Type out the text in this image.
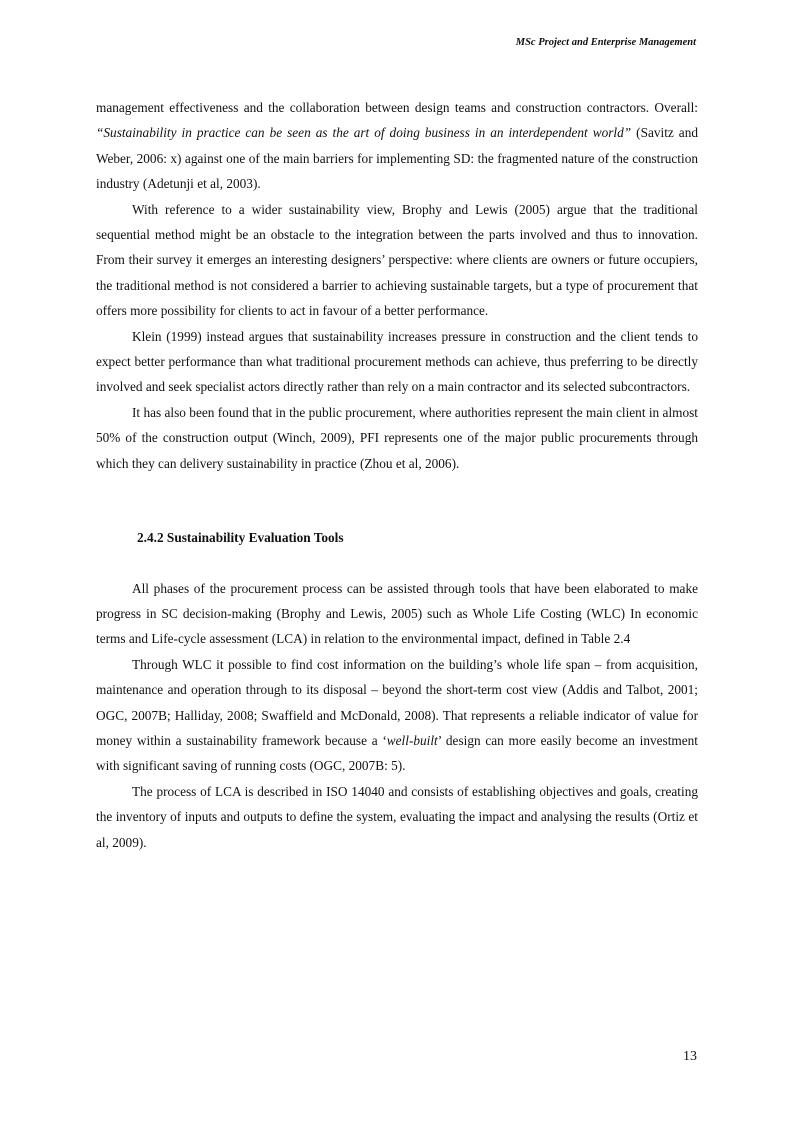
MSc Project and Enterprise Management

management effectiveness and the collaboration between design teams and construction contractors. Overall: “Sustainability in practice can be seen as the art of doing business in an interdependent world” (Savitz and Weber, 2006: x) against one of the main barriers for implementing SD: the fragmented nature of the construction industry (Adetunji et al, 2003).

With reference to a wider sustainability view, Brophy and Lewis (2005) argue that the traditional sequential method might be an obstacle to the integration between the parts involved and thus to innovation. From their survey it emerges an interesting designers’ perspective: where clients are owners or future occupiers, the traditional method is not considered a barrier to achieving sustainable targets, but a type of procurement that offers more possibility for clients to act in favour of a better performance.

Klein (1999) instead argues that sustainability increases pressure in construction and the client tends to expect better performance than what traditional procurement methods can achieve, thus preferring to be directly involved and seek specialist actors directly rather than rely on a main contractor and its selected subcontractors.

It has also been found that in the public procurement, where authorities represent the main client in almost 50% of the construction output (Winch, 2009), PFI represents one of the major public procurements through which they can delivery sustainability in practice (Zhou et al, 2006).

2.4.2 Sustainability Evaluation Tools

All phases of the procurement process can be assisted through tools that have been elaborated to make progress in SC decision-making (Brophy and Lewis, 2005) such as Whole Life Costing (WLC) In economic terms and Life-cycle assessment (LCA) in relation to the environmental impact, defined in Table 2.4

Through WLC it possible to find cost information on the building’s whole life span – from acquisition, maintenance and operation through to its disposal – beyond the short-term cost view (Addis and Talbot, 2001; OGC, 2007B; Halliday, 2008; Swaffield and McDonald, 2008). That represents a reliable indicator of value for money within a sustainability framework because a ‘well-built’ design can more easily become an investment with significant saving of running costs (OGC, 2007B: 5).

The process of LCA is described in ISO 14040 and consists of establishing objectives and goals, creating the inventory of inputs and outputs to define the system, evaluating the impact and analysing the results (Ortiz et al, 2009).

13
